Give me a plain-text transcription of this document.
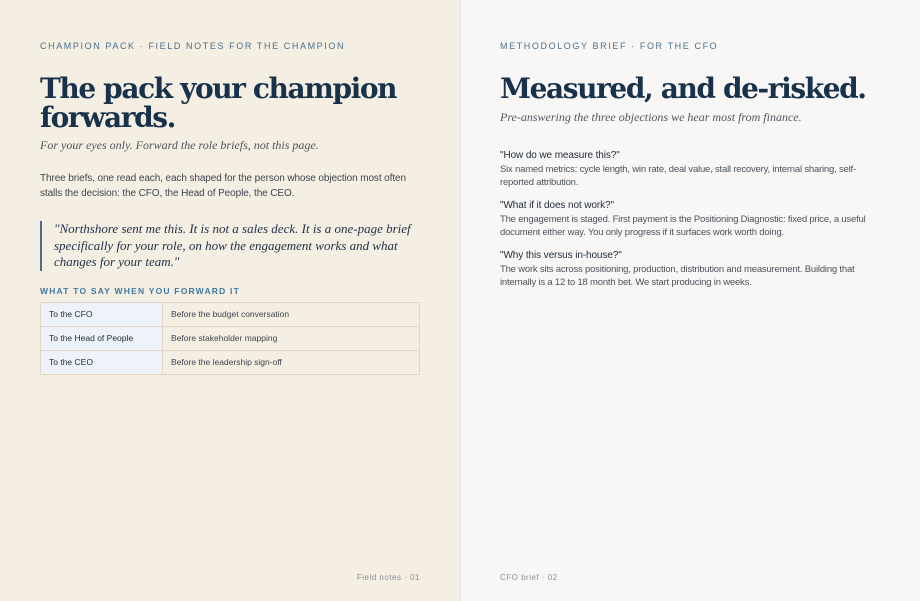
CHAMPION PACK · FIELD NOTES FOR THE CHAMPION
The pack your champion forwards.

For your eyes only. Forward the role briefs, not this page.

Three briefs, one read each, each shaped for the person whose objection most often stalls the decision: the CFO, the Head of People, the CEO.

"Northshore sent me this. It is not a sales deck. It is a one-page brief specifically for your role, on how the engagement works and what changes for your team."
WHAT TO SAY WHEN YOU FORWARD IT
To the CFO	Before the budget conversation
To the Head of People	Before stakeholder mapping
To the CEO	Before the leadership sign-off
Field notes · 01
METHODOLOGY BRIEF · FOR THE CFO
Measured, and de-risked.

Pre-answering the three objections we hear most from finance.

"How do we measure this?"

Six named metrics: cycle length, win rate, deal value, stall recovery, internal sharing, self-reported attribution.

"What if it does not work?"

The engagement is staged. First payment is the Positioning Diagnostic: fixed price, a useful document either way. You only progress if it surfaces work worth doing.

"Why this versus in-house?"

The work sits across positioning, production, distribution and measurement. Building that internally is a 12 to 18 month bet. We start producing in weeks.

CFO brief · 02
